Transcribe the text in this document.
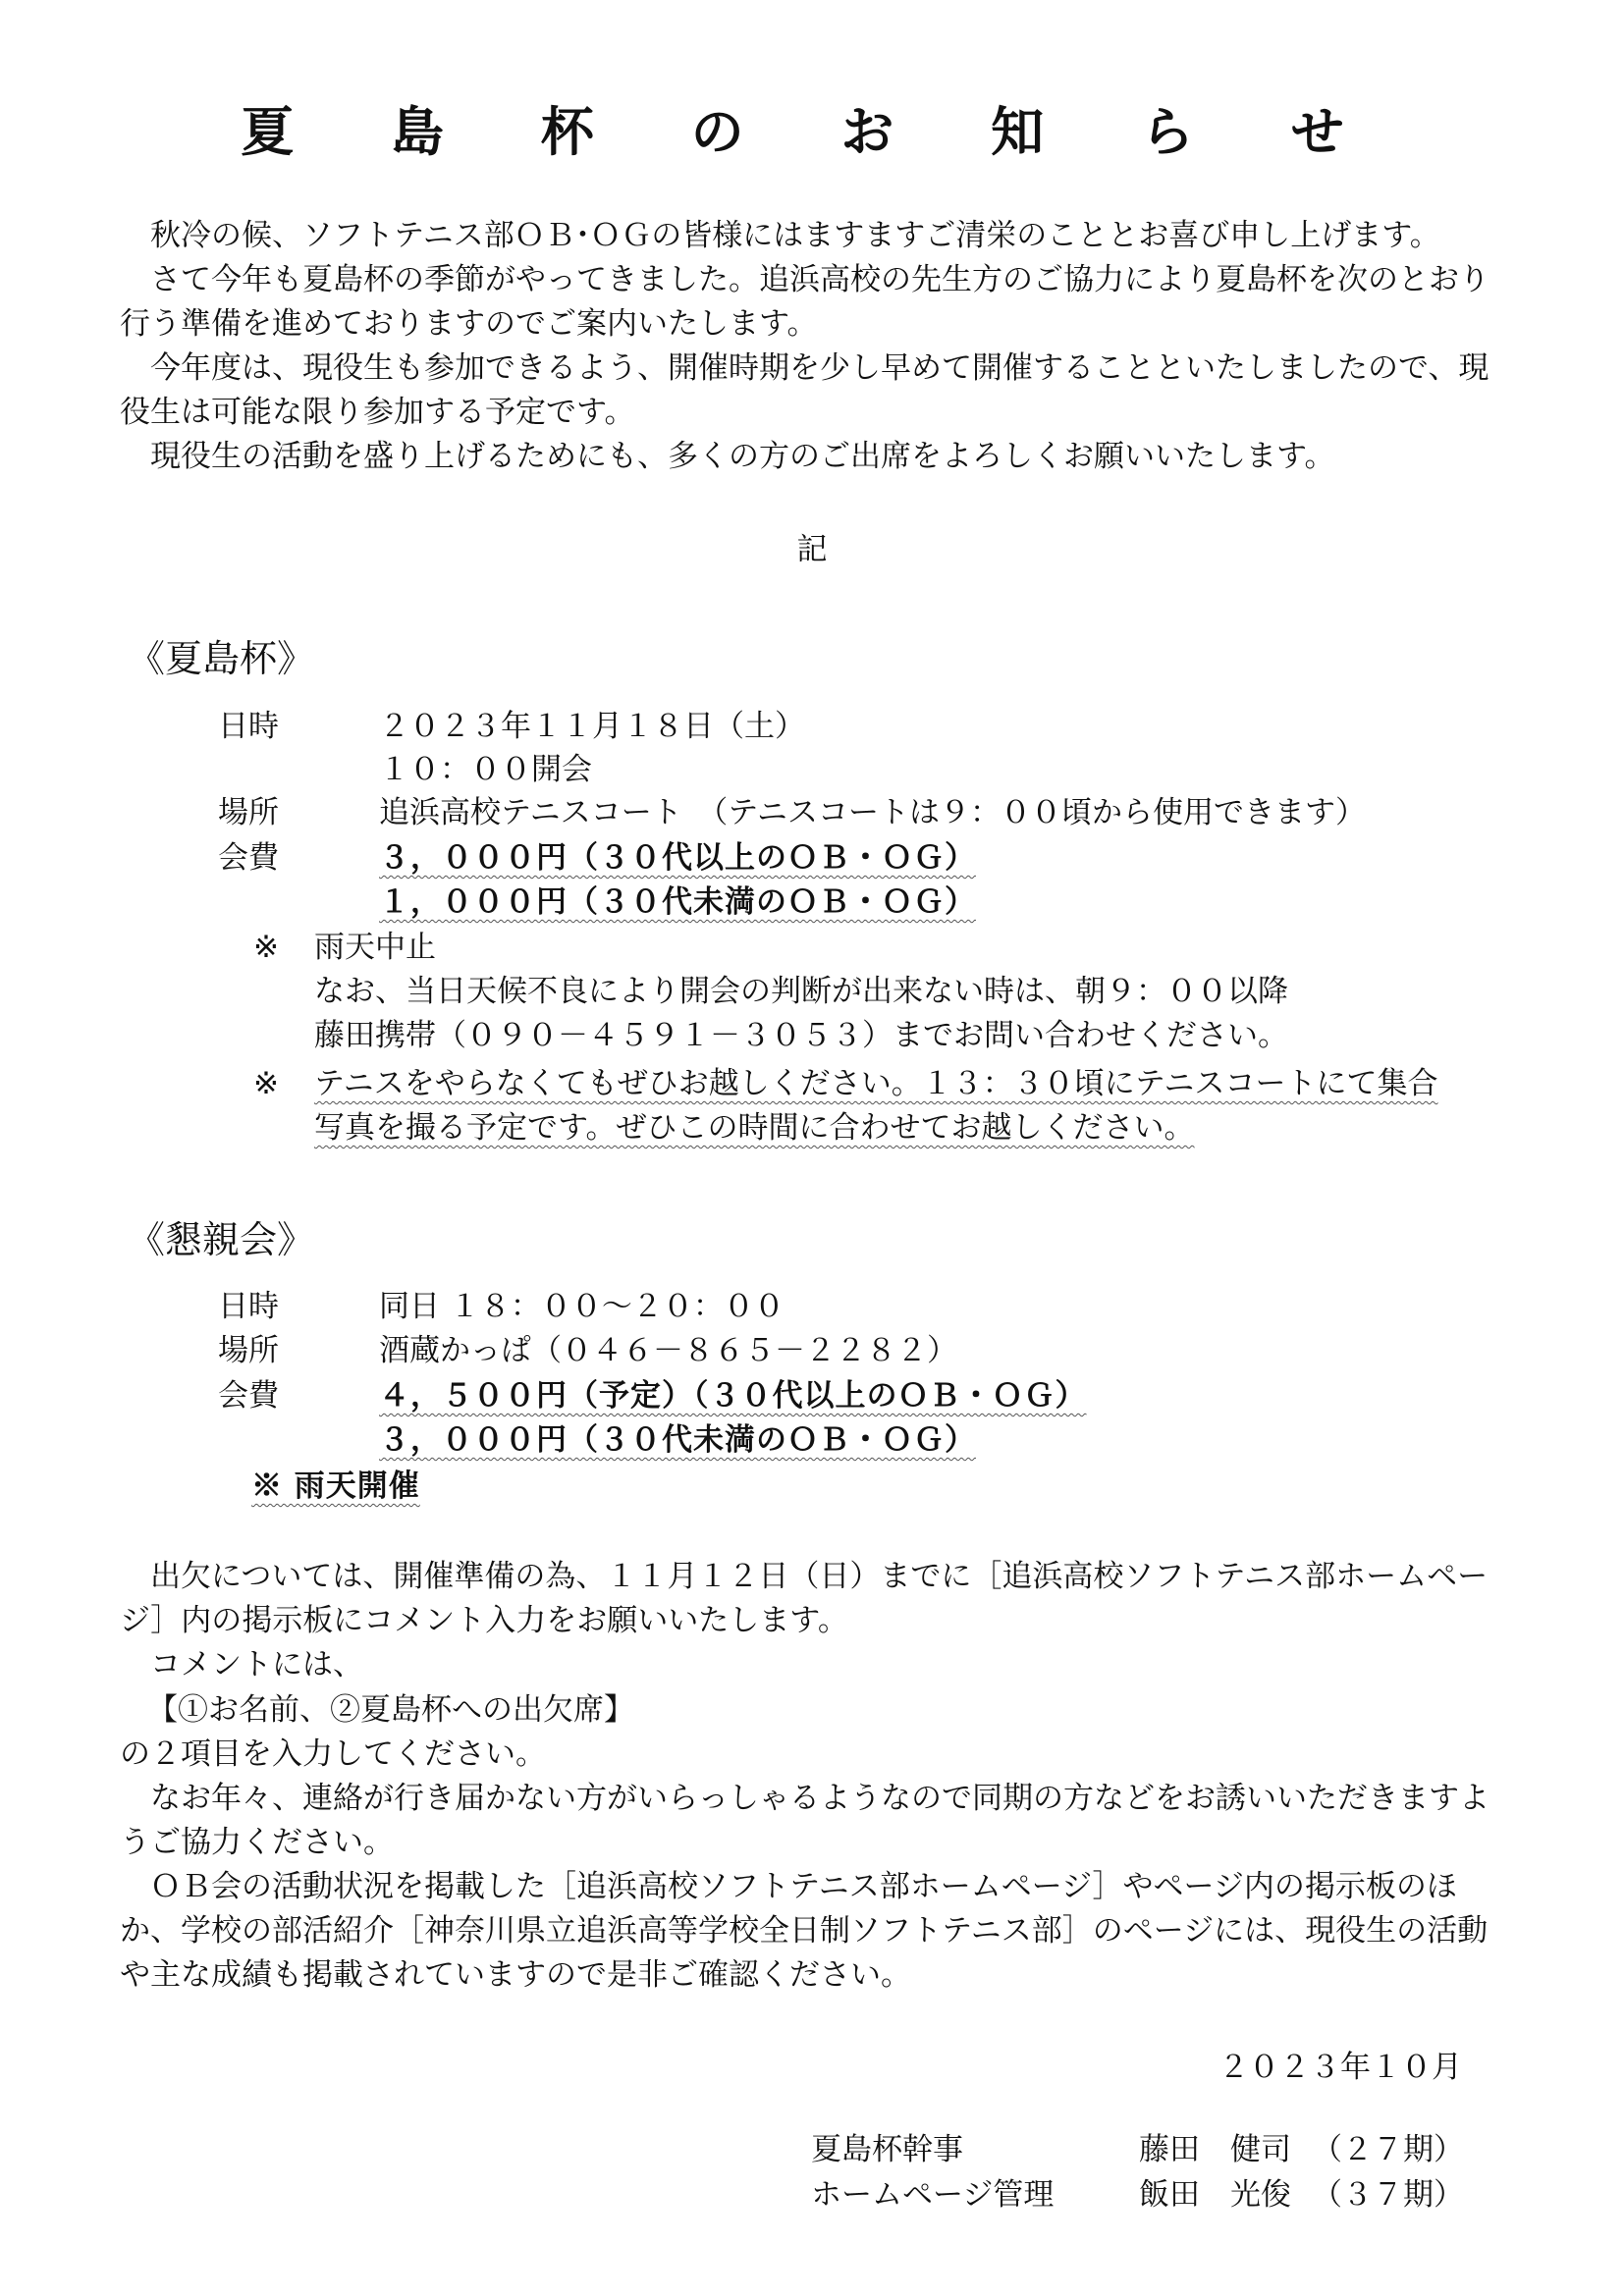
夏 島 杯 の お 知 ら せ

秋冷の候、ソフトテニス部ＯＢ･ＯＧの皆様にはますますご清栄のこととお喜び申し上げます。

さて今年も夏島杯の季節がやってきました。追浜高校の先生方のご協力により夏島杯を次のとおり行う準備を進めておりますのでご案内いたします。

今年度は、現役生も参加できるよう、開催時期を少し早めて開催することといたしましたので、現役生は可能な限り参加する予定です。

現役生の活動を盛り上げるためにも、多くの方のご出席をよろしくお願いいたします。

記
《夏島杯》
日時	２０２３年１１月１８日（土）
１０：００開会
場所	追浜高校テニスコート　（テニスコートは９：００頃から使用できます）
会費	３，０００円（３０代以上のＯＢ・ＯＧ）
１，０００円（３０代未満のＯＢ・ＯＧ）
※ 雨天中止
なお、当日天候不良により開会の判断が出来ない時は、朝９：００以降
藤田携帯（０９０－４５９１－３０５３）までお問い合わせください。
※ テニスをやらなくてもぜひお越しください。１３：３０頃にテニスコートにて集合
写真を撮る予定です。ぜひこの時間に合わせてお越しください。
《懇親会》
日時	同日 １８：００～２０：００
場所	酒蔵かっぱ（０４６－８６５－２２８２）
会費	４，５００円（予定）（３０代以上のＯＢ・ＯＧ）
３，０００円（３０代未満のＯＢ・ＯＧ）
※ 雨天開催

出欠については、開催準備の為、１１月１２日（日）までに［追浜高校ソフトテニス部ホームページ］内の掲示板にコメント入力をお願いいたします。

コメントには、

【①お名前、②夏島杯への出欠席】
の２項目を入力してください。

なお年々、連絡が行き届かない方がいらっしゃるようなので同期の方などをお誘いいただきますようご協力ください。

ＯＢ会の活動状況を掲載した［追浜高校ソフトテニス部ホームページ］やページ内の掲示板のほか、学校の部活紹介［神奈川県立追浜高等学校全日制ソフトテニス部］のページには、現役生の活動や主な成績も掲載されていますので是非ご確認ください。

２０２３年１０月
夏島杯幹事	藤田　健司 （２７期）
ホームページ管理	飯田　光俊 （３７期）
